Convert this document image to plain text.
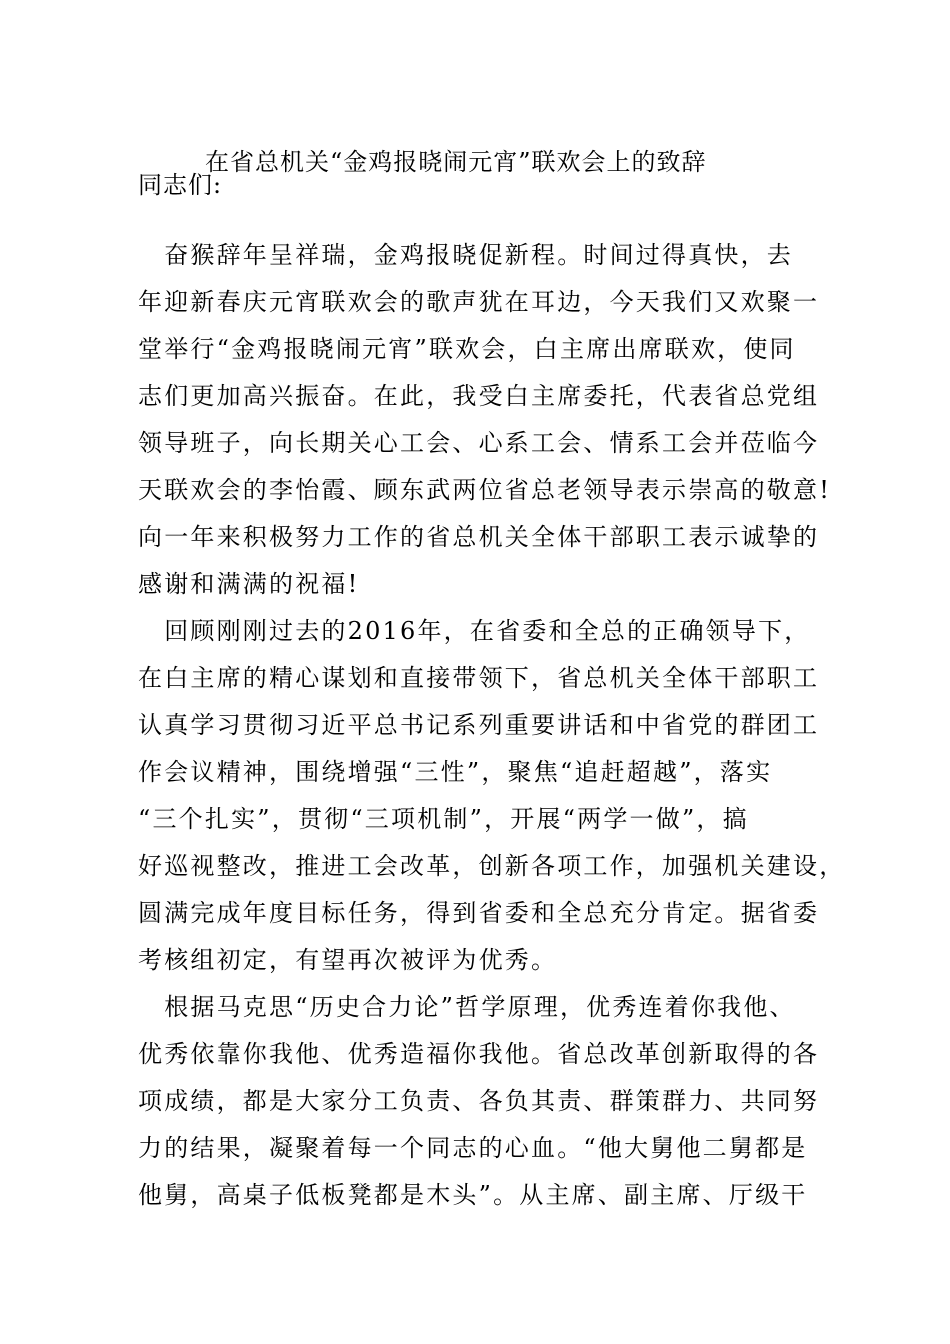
在省总机关“金鸡报晓闹元宵”联欢会上的致辞
同志们:
　奋猴辞年呈祥瑞，金鸡报晓促新程。时间过得真快，去
年迎新春庆元宵联欢会的歌声犹在耳边，今天我们又欢聚一
堂举行“金鸡报晓闹元宵”联欢会，白主席出席联欢，使同
志们更加高兴振奋。在此，我受白主席委托，代表省总党组
领导班子，向长期关心工会、心系工会、情系工会并莅临今
天联欢会的李怡霞、顾东武两位省总老领导表示崇高的敬意!
向一年来积极努力工作的省总机关全体干部职工表示诚挚的
感谢和满满的祝福!
　回顾刚刚过去的2016年，在省委和全总的正确领导下，
在白主席的精心谋划和直接带领下，省总机关全体干部职工
认真学习贯彻习近平总书记系列重要讲话和中省党的群团工
作会议精神，围绕增强“三性”，聚焦“追赶超越”，落实
“三个扎实”，贯彻“三项机制”，开展“两学一做”，搞
好巡视整改，推进工会改革，创新各项工作，加强机关建设，
圆满完成年度目标任务，得到省委和全总充分肯定。据省委
考核组初定，有望再次被评为优秀。
　根据马克思“历史合力论”哲学原理，优秀连着你我他、
优秀依靠你我他、优秀造福你我他。省总改革创新取得的各
项成绩，都是大家分工负责、各负其责、群策群力、共同努
力的结果，凝聚着每一个同志的心血。“他大舅他二舅都是
他舅，高桌子低板凳都是木头”。从主席、副主席、厅级干
